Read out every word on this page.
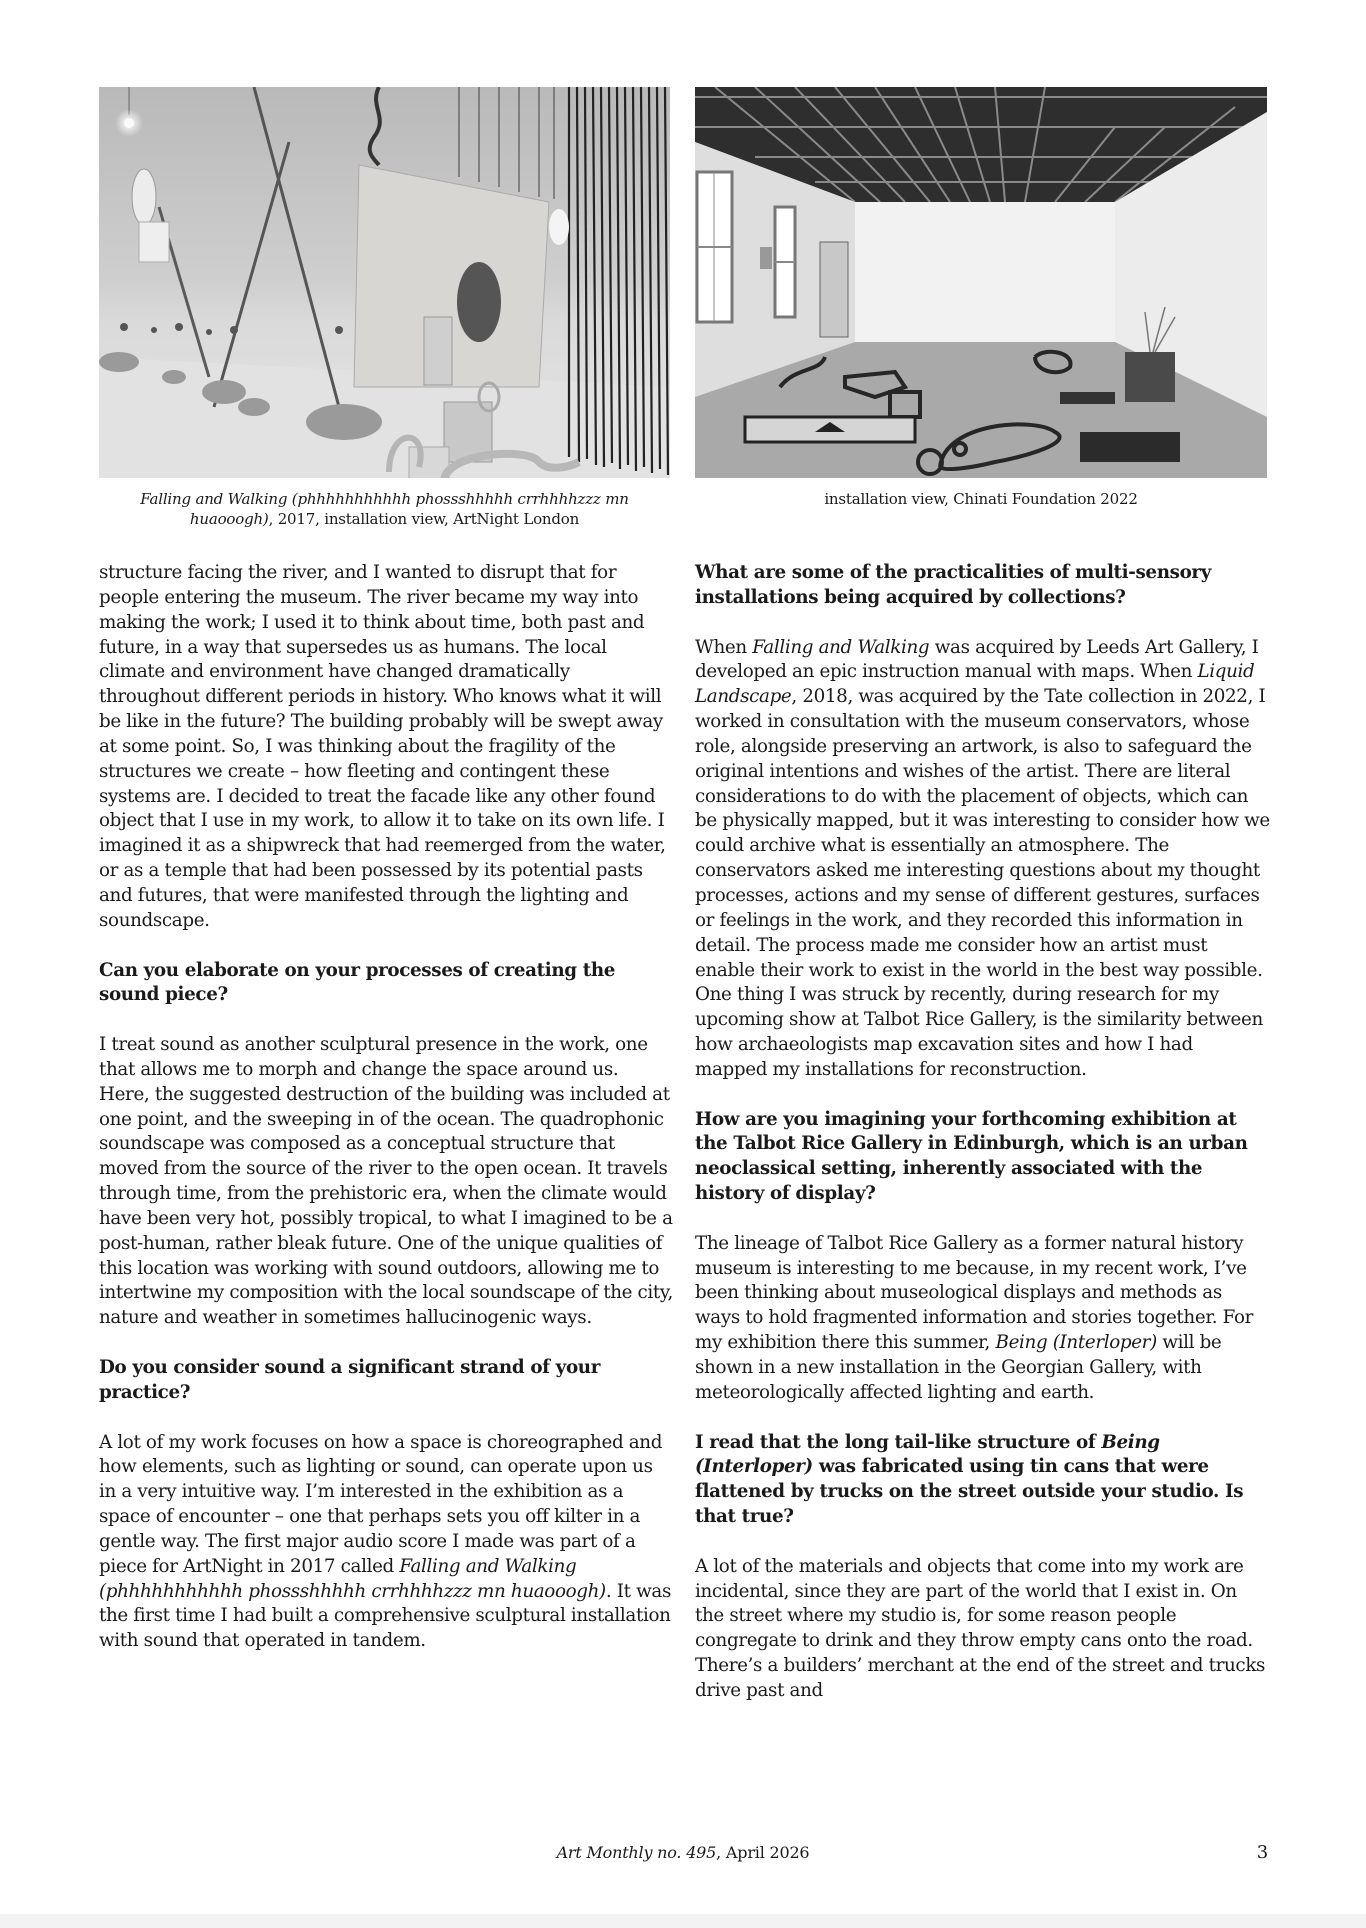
Falling and Walking (phhhhhhhhhhh phossshhhhh crrhhhhzzz mn huaooogh), 2017, installation view, ArtNight London
installation view, Chinati Foundation 2022

structure facing the river, and I wanted to disrupt that for people entering the museum. The river became my way into making the work; I used it to think about time, both past and future, in a way that supersedes us as humans. The local climate and environment have changed dramatically throughout different periods in history. Who knows what it will be like in the future? The building probably will be swept away at some point. So, I was thinking about the fragility of the structures we create – how fleeting and contingent these systems are. I decided to treat the facade like any other found object that I use in my work, to allow it to take on its own life. I imagined it as a shipwreck that had reemerged from the water, or as a temple that had been possessed by its potential pasts and futures, that were manifested through the lighting and soundscape.

Can you elaborate on your processes of creating the sound piece?

I treat sound as another sculptural presence in the work, one that allows me to morph and change the space around us. Here, the suggested destruction of the building was included at one point, and the sweeping in of the ocean. The quadrophonic soundscape was composed as a conceptual structure that moved from the source of the river to the open ocean. It travels through time, from the prehistoric era, when the climate would have been very hot, possibly tropical, to what I imagined to be a post-human, rather bleak future. One of the unique qualities of this location was working with sound outdoors, allowing me to intertwine my composition with the local soundscape of the city, nature and weather in sometimes hallucinogenic ways.

Do you consider sound a significant strand of your practice?

A lot of my work focuses on how a space is choreographed and how elements, such as lighting or sound, can operate upon us in a very intuitive way. I’m interested in the exhibition as a space of encounter – one that perhaps sets you off kilter in a gentle way. The first major audio score I made was part of a piece for ArtNight in 2017 called Falling and Walking (phhhhhhhhhhh phossshhhhh crrhhhhzzz mn huaooogh). It was the first time I had built a comprehensive sculptural installation with sound that operated in tandem.

What are some of the practicalities of multi-sensory installations being acquired by collections?

When Falling and Walking was acquired by Leeds Art Gallery, I developed an epic instruction manual with maps. When Liquid Landscape, 2018, was acquired by the Tate collection in 2022, I worked in consultation with the museum conservators, whose role, alongside preserving an artwork, is also to safeguard the original intentions and wishes of the artist. There are literal considerations to do with the placement of objects, which can be physically mapped, but it was interesting to consider how we could archive what is essentially an atmosphere. The conservators asked me interesting questions about my thought processes, actions and my sense of different gestures, surfaces or feelings in the work, and they recorded this information in detail. The process made me consider how an artist must enable their work to exist in the world in the best way possible. One thing I was struck by recently, during research for my upcoming show at Talbot Rice Gallery, is the similarity between how archaeologists map excavation sites and how I had mapped my installations for reconstruction.

How are you imagining your forthcoming exhibition at the Talbot Rice Gallery in Edinburgh, which is an urban neoclassical setting, inherently associated with the history of display?

The lineage of Talbot Rice Gallery as a former natural history museum is interesting to me because, in my recent work, I’ve been thinking about museological displays and methods as ways to hold fragmented information and stories together. For my exhibition there this summer, Being (Interloper) will be shown in a new installation in the Georgian Gallery, with meteorologically affected lighting and earth.

I read that the long tail-like structure of Being (Interloper) was fabricated using tin cans that were flattened by trucks on the street outside your studio. Is that true?

A lot of the materials and objects that come into my work are incidental, since they are part of the world that I exist in. On the street where my studio is, for some reason people congregate to drink and they throw empty cans onto the road. There’s a builders’ merchant at the end of the street and trucks drive past and

Art Monthly no. 495, April 2026	3
